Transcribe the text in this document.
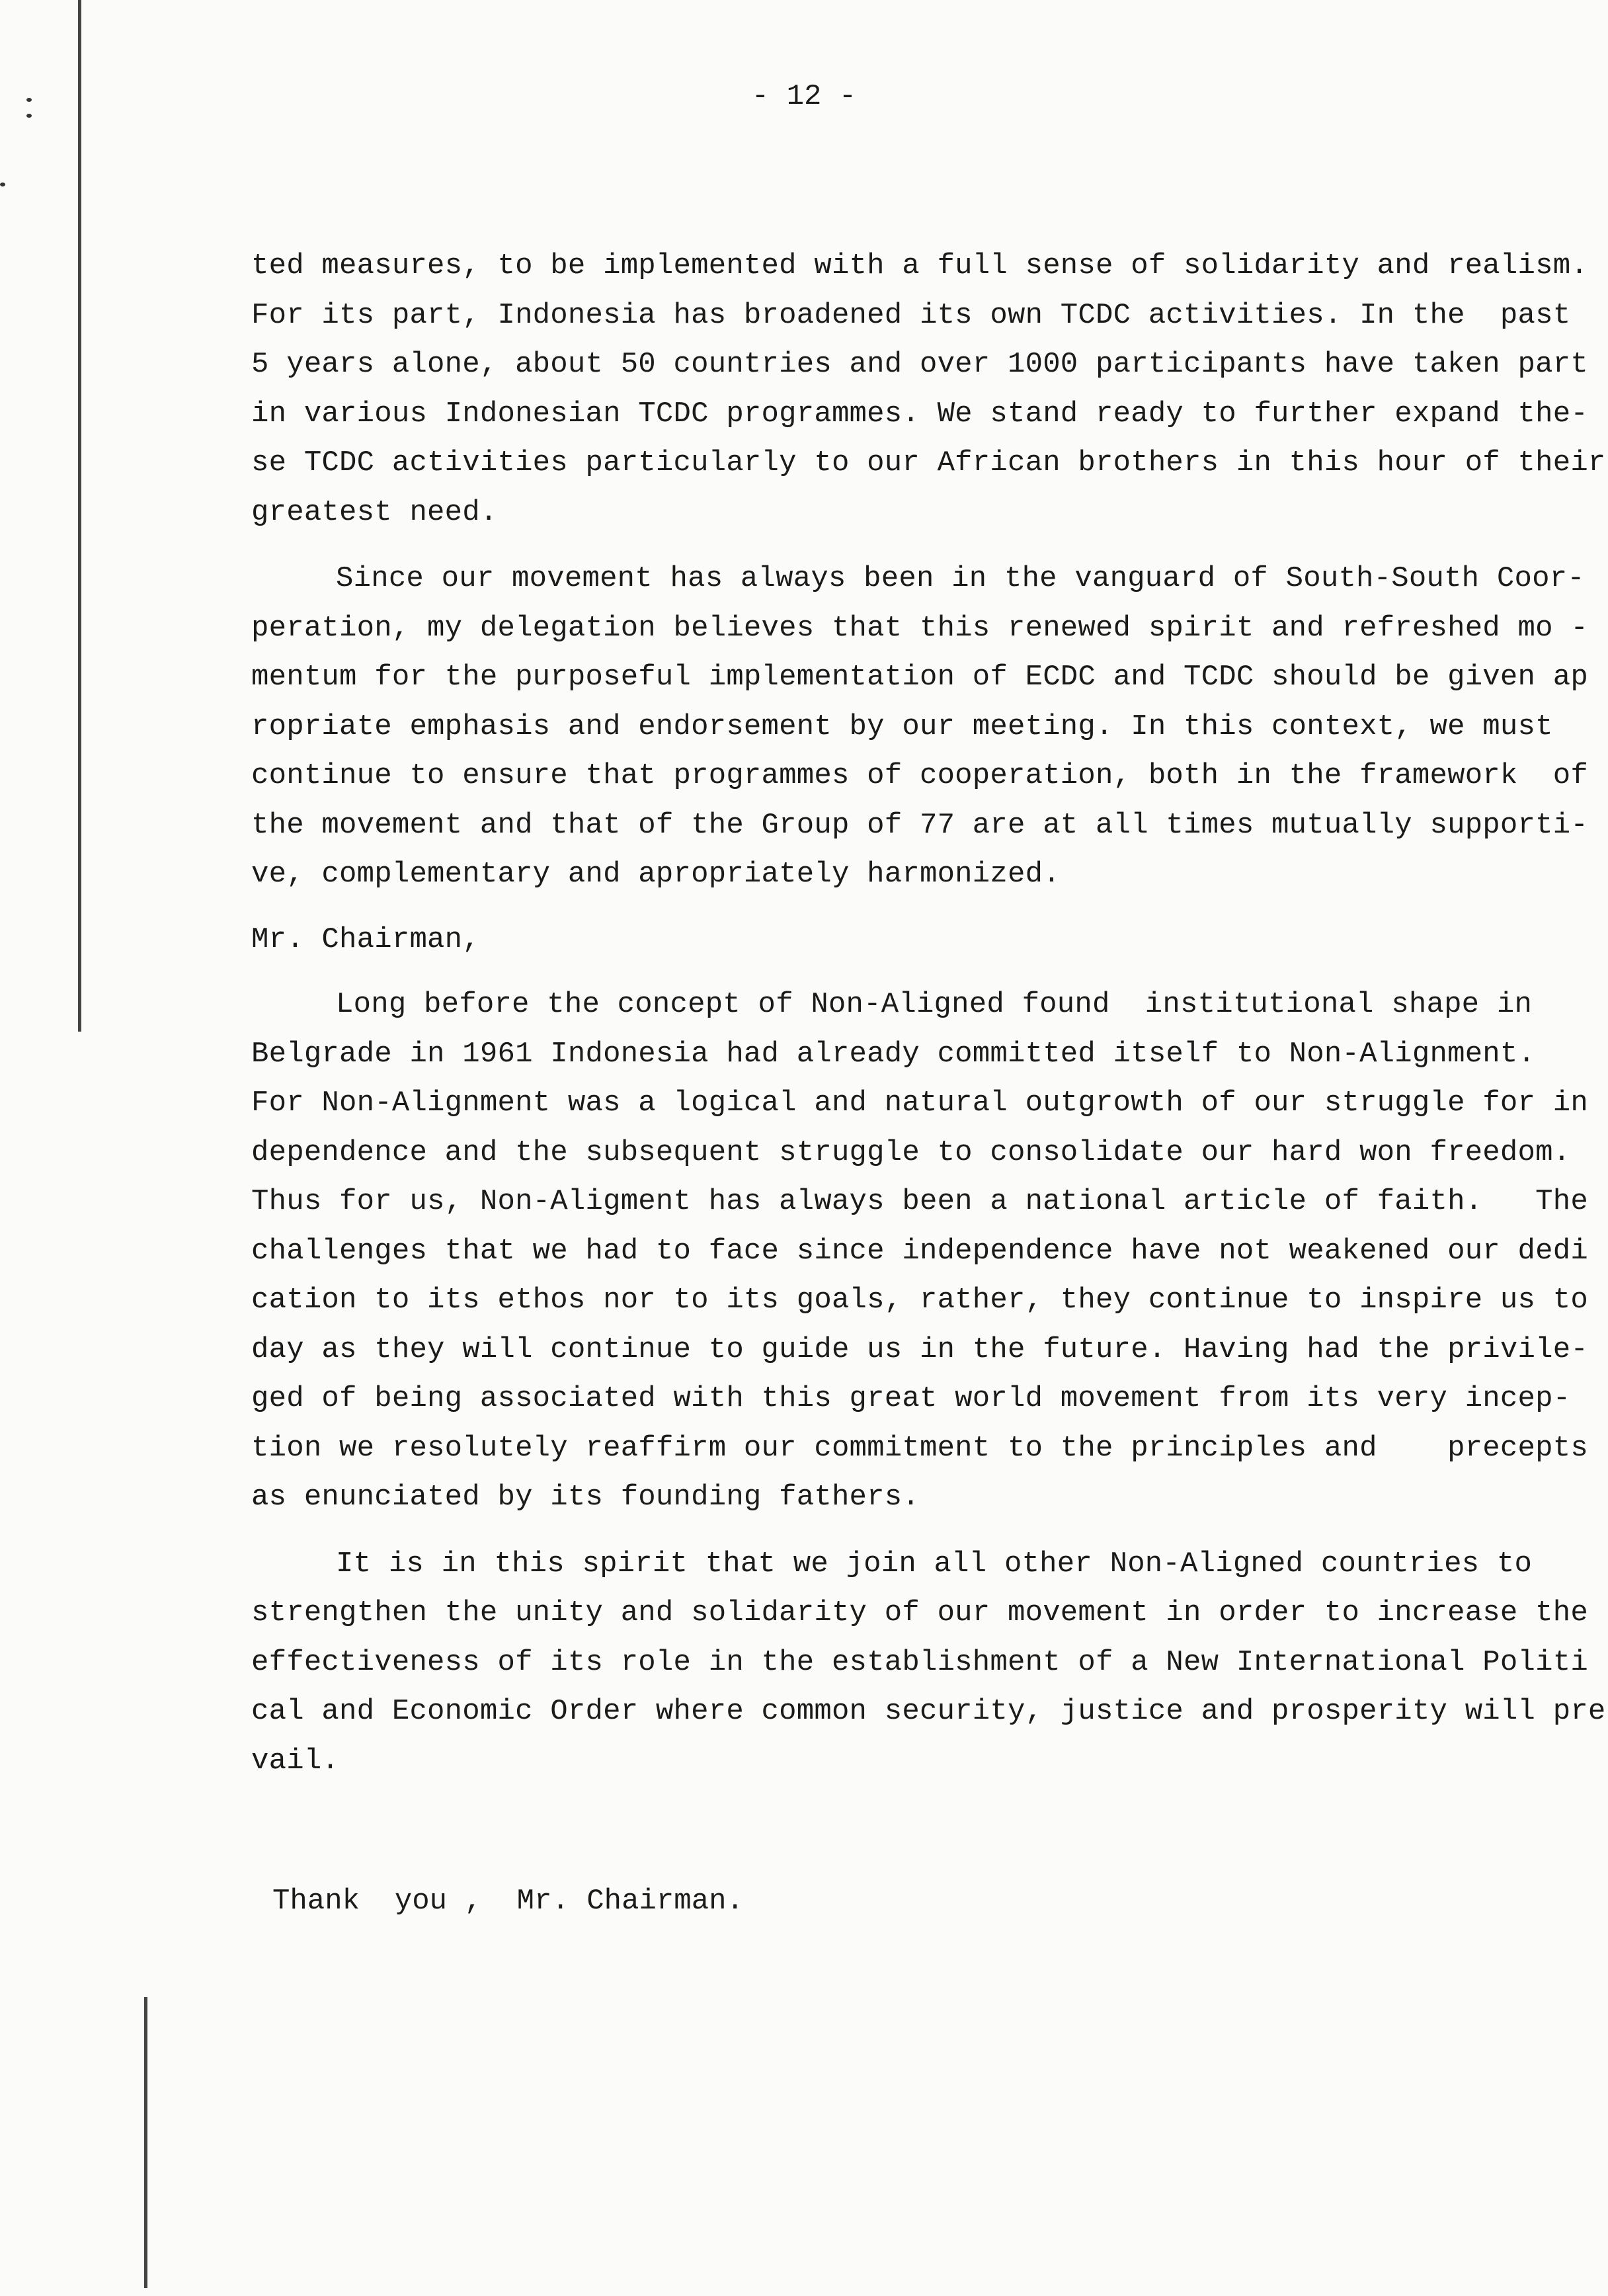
- 12 -
ted measures, to be implemented with a full sense of solidarity and realism.
For its part, Indonesia has broadened its own TCDC activities. In the  past
5 years alone, about 50 countries and over 1000 participants have taken part
in various Indonesian TCDC programmes. We stand ready to further expand the-
se TCDC activities particularly to our African brothers in this hour of their
greatest need.
Since our movement has always been in the vanguard of South-South Coor-
peration, my delegation believes that this renewed spirit and refreshed mo -
mentum for the purposeful implementation of ECDC and TCDC should be given ap
ropriate emphasis and endorsement by our meeting. In this context, we must
continue to ensure that programmes of cooperation, both in the framework  of
the movement and that of the Group of 77 are at all times mutually supporti-
ve, complementary and apropriately harmonized.
Mr. Chairman,
Long before the concept of Non-Aligned found  institutional shape in
Belgrade in 1961 Indonesia had already committed itself to Non-Alignment.
For Non-Alignment was a logical and natural outgrowth of our struggle for in
dependence and the subsequent struggle to consolidate our hard won freedom.
Thus for us, Non-Aligment has always been a national article of faith.   The
challenges that we had to face since independence have not weakened our dedi
cation to its ethos nor to its goals, rather, they continue to inspire us to
day as they will continue to guide us in the future. Having had the privile-
ged of being associated with this great world movement from its very incep-
tion we resolutely reaffirm our commitment to the principles and    precepts
as enunciated by its founding fathers.
It is in this spirit that we join all other Non-Aligned countries to
strengthen the unity and solidarity of our movement in order to increase the
effectiveness of its role in the establishment of a New International Politi
cal and Economic Order where common security, justice and prosperity will pre
vail.
Thank  you ,  Mr. Chairman.
